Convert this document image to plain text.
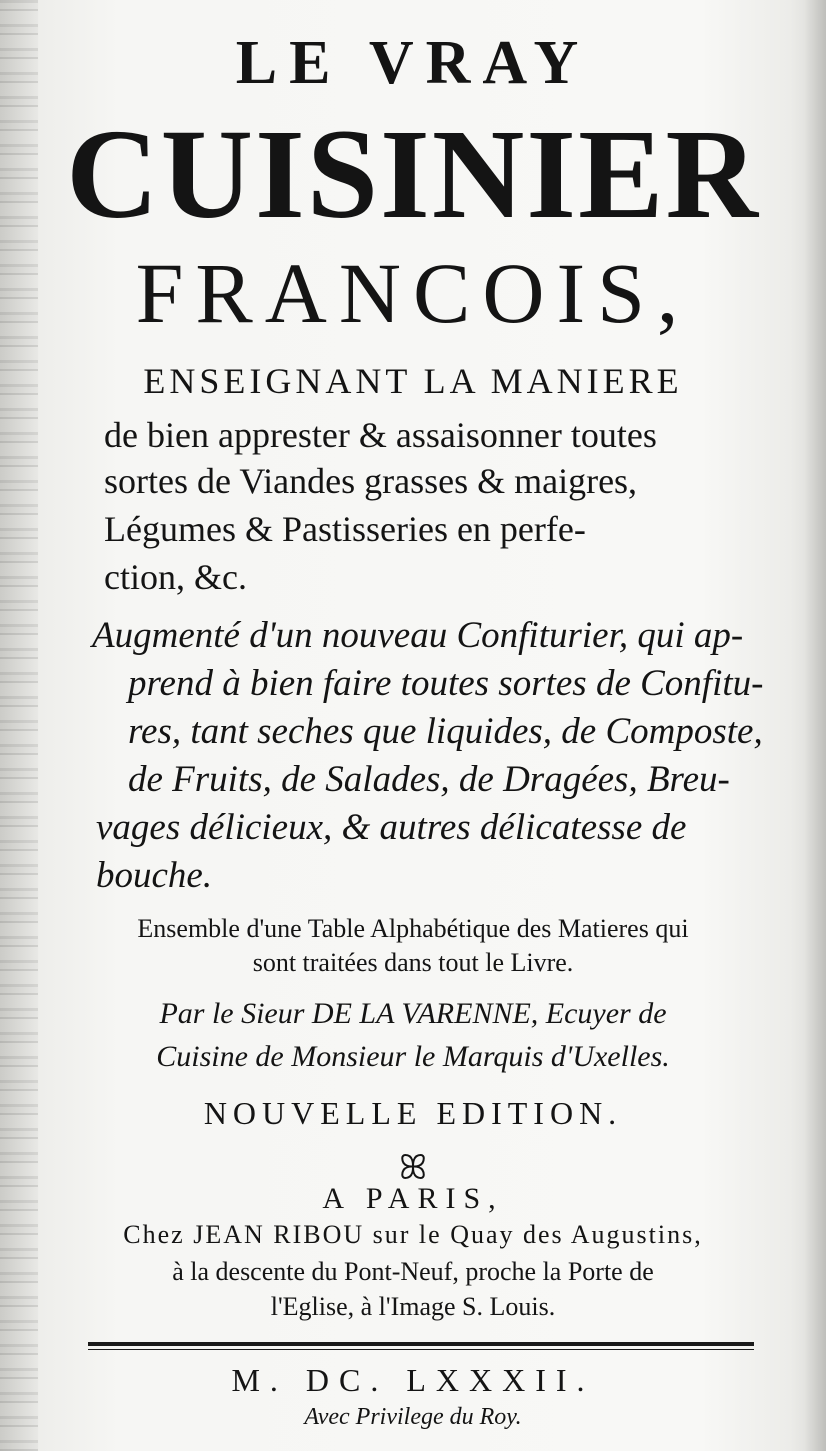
LE VRAY
CUISINIER
FRANCOIS,
ENSEIGNANT LA MANIERE
de bien apprester & assaisonner toutes
sortes de Viandes grasses & maigres,
Légumes & Pastisseries en perfe-
ction, &c.
Augmenté d'un nouveau Confiturier, qui ap-
prend à bien faire toutes sortes de Confitu-
res, tant seches que liquides, de Composte,
de Fruits, de Salades, de Dragées, Breu-
vages délicieux, & autres délicatesse de
bouche.
Ensemble d'une Table Alphabétique des Matieres qui
sont traitées dans tout le Livre.
Par le Sieur DE LA VARENNE, Ecuyer de
Cuisine de Monsieur le Marquis d'Uxelles.
NOUVELLE EDITION.
ꕤ
A PARIS,
Chez JEAN RIBOU sur le Quay des Augustins,
à la descente du Pont-Neuf, proche la Porte de
l'Eglise, à l'Image S. Louis.
M. DC. LXXXII.
Avec Privilege du Roy.
